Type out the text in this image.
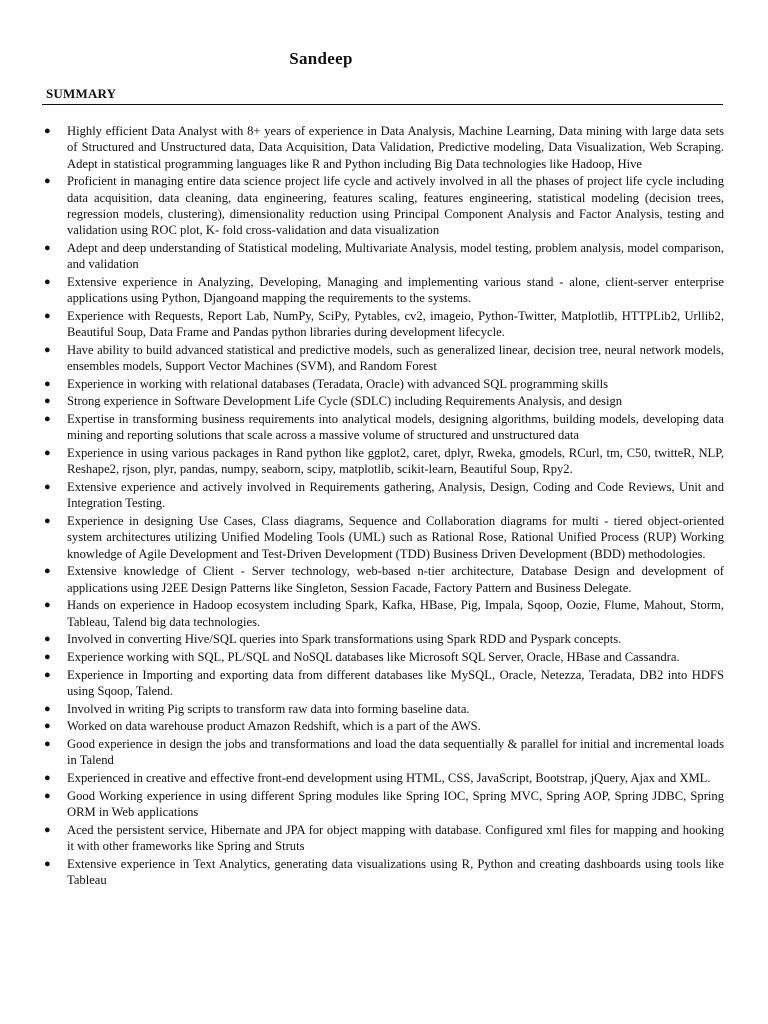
Sandeep
SUMMARY
● Highly efficient Data Analyst with 8+ years of experience in Data Analysis, Machine Learning, Data mining with large data sets of Structured and Unstructured data, Data Acquisition, Data Validation, Predictive modeling, Data Visualization, Web Scraping. Adept in statistical programming languages like R and Python including Big Data technologies like Hadoop, Hive
● Proficient in managing entire data science project life cycle and actively involved in all the phases of project life cycle including data acquisition, data cleaning, data engineering, features scaling, features engineering, statistical modeling (decision trees, regression models, clustering), dimensionality reduction using Principal Component Analysis and Factor Analysis, testing and validation using ROC plot, K- fold cross-validation and data visualization
● Adept and deep understanding of Statistical modeling, Multivariate Analysis, model testing, problem analysis, model comparison, and validation
● Extensive experience in Analyzing, Developing, Managing and implementing various stand - alone, client-server enterprise applications using Python, Djangoand mapping the requirements to the systems.
● Experience with Requests, Report Lab, NumPy, SciPy, Pytables, cv2, imageio, Python-Twitter, Matplotlib, HTTPLib2, Urllib2, Beautiful Soup, Data Frame and Pandas python libraries during development lifecycle.
● Have ability to build advanced statistical and predictive models, such as generalized linear, decision tree, neural network models, ensembles models, Support Vector Machines (SVM), and Random Forest
● Experience in working with relational databases (Teradata, Oracle) with advanced SQL programming skills
● Strong experience in Software Development Life Cycle (SDLC) including Requirements Analysis, and design
● Expertise in transforming business requirements into analytical models, designing algorithms, building models, developing data mining and reporting solutions that scale across a massive volume of structured and unstructured data
● Experience in using various packages in Rand python like ggplot2, caret, dplyr, Rweka, gmodels, RCurl, tm, C50, twitteR, NLP, Reshape2, rjson, plyr, pandas, numpy, seaborn, scipy, matplotlib, scikit-learn, Beautiful Soup, Rpy2.
● Extensive experience and actively involved in Requirements gathering, Analysis, Design, Coding and Code Reviews, Unit and Integration Testing.
● Experience in designing Use Cases, Class diagrams, Sequence and Collaboration diagrams for multi - tiered object-oriented system architectures utilizing Unified Modeling Tools (UML) such as Rational Rose, Rational Unified Process (RUP) Working knowledge of Agile Development and Test-Driven Development (TDD) Business Driven Development (BDD) methodologies.
● Extensive knowledge of Client - Server technology, web-based n-tier architecture, Database Design and development of applications using J2EE Design Patterns like Singleton, Session Facade, Factory Pattern and Business Delegate.
● Hands on experience in Hadoop ecosystem including Spark, Kafka, HBase, Pig, Impala, Sqoop, Oozie, Flume, Mahout, Storm, Tableau, Talend big data technologies.
● Involved in converting Hive/SQL queries into Spark transformations using Spark RDD and Pyspark concepts.
● Experience working with SQL, PL/SQL and NoSQL databases like Microsoft SQL Server, Oracle, HBase and Cassandra.
● Experience in Importing and exporting data from different databases like MySQL, Oracle, Netezza, Teradata, DB2 into HDFS using Sqoop, Talend.
● Involved in writing Pig scripts to transform raw data into forming baseline data.
● Worked on data warehouse product Amazon Redshift, which is a part of the AWS.
● Good experience in design the jobs and transformations and load the data sequentially & parallel for initial and incremental loads in Talend
● Experienced in creative and effective front-end development using HTML, CSS, JavaScript, Bootstrap, jQuery, Ajax and XML.
● Good Working experience in using different Spring modules like Spring IOC, Spring MVC, Spring AOP, Spring JDBC, Spring ORM in Web applications
● Aced the persistent service, Hibernate and JPA for object mapping with database. Configured xml files for mapping and hooking it with other frameworks like Spring and Struts
● Extensive experience in Text Analytics, generating data visualizations using R, Python and creating dashboards using tools like Tableau
